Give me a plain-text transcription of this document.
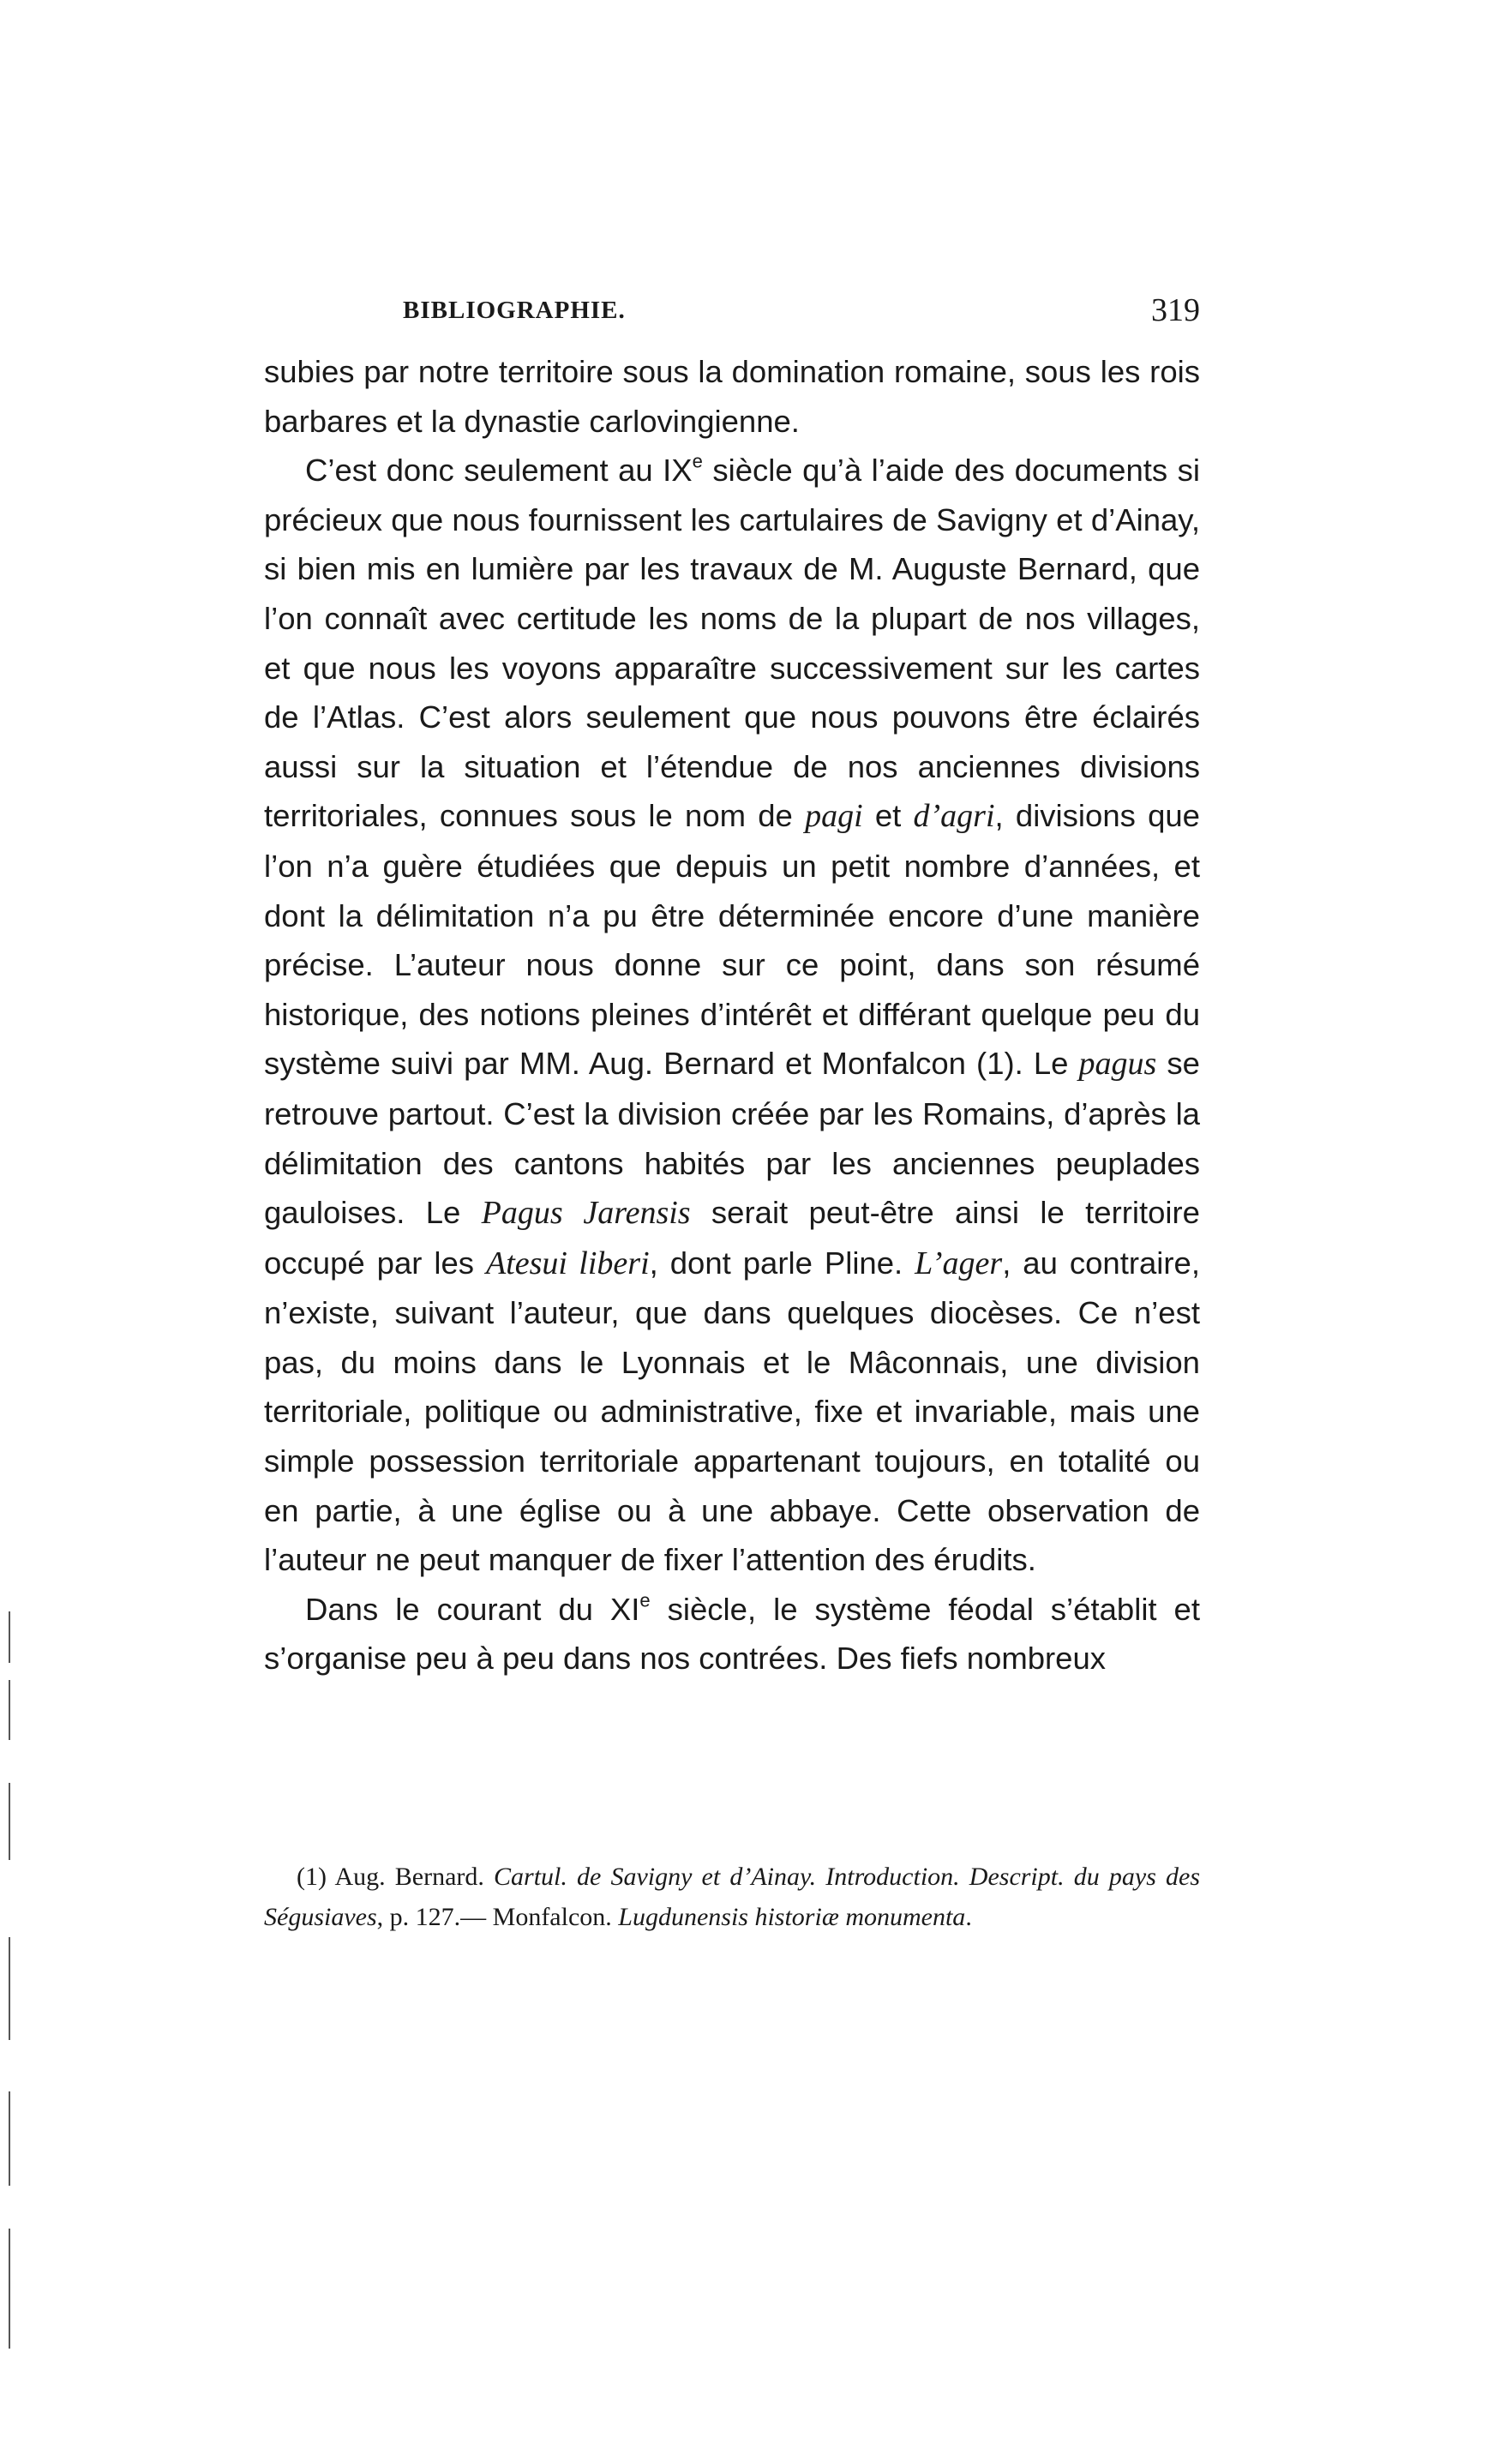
BIBLIOGRAPHIE.	319

subies par notre territoire sous la domination romaine, sous les rois barbares et la dynastie carlovingienne.

C’est donc seulement au IXe siècle qu’à l’aide des documents si précieux que nous fournissent les cartulaires de Savigny et d’Ainay, si bien mis en lumière par les travaux de M. Auguste Bernard, que l’on connaît avec certitude les noms de la plupart de nos villages, et que nous les voyons apparaître successivement sur les cartes de l’Atlas. C’est alors seulement que nous pouvons être éclairés aussi sur la situation et l’étendue de nos anciennes divisions territoriales, connues sous le nom de pagi et d’agri, divisions que l’on n’a guère étudiées que depuis un petit nombre d’années, et dont la délimitation n’a pu être déterminée encore d’une manière précise. L’auteur nous donne sur ce point, dans son résumé historique, des notions pleines d’intérêt et différant quelque peu du système suivi par MM. Aug. Bernard et Monfalcon (1). Le pagus se retrouve partout. C’est la division créée par les Romains, d’après la délimitation des cantons habités par les anciennes peuplades gauloises. Le Pagus Jarensis serait peut-être ainsi le territoire occupé par les Atesui liberi, dont parle Pline. L’ager, au contraire, n’existe, suivant l’auteur, que dans quelques diocèses. Ce n’est pas, du moins dans le Lyonnais et le Mâconnais, une division territoriale, politique ou administrative, fixe et invariable, mais une simple possession territoriale appartenant toujours, en totalité ou en partie, à une église ou à une abbaye. Cette observation de l’auteur ne peut manquer de fixer l’attention des érudits.

Dans le courant du XIe siècle, le système féodal s’établit et s’organise peu à peu dans nos contrées. Des fiefs nombreux

(1) Aug. Bernard. Cartul. de Savigny et d’Ainay. Introduction. Descript. du pays des Ségusiaves, p. 127.— Monfalcon. Lugdunensis historiæ monumenta.
